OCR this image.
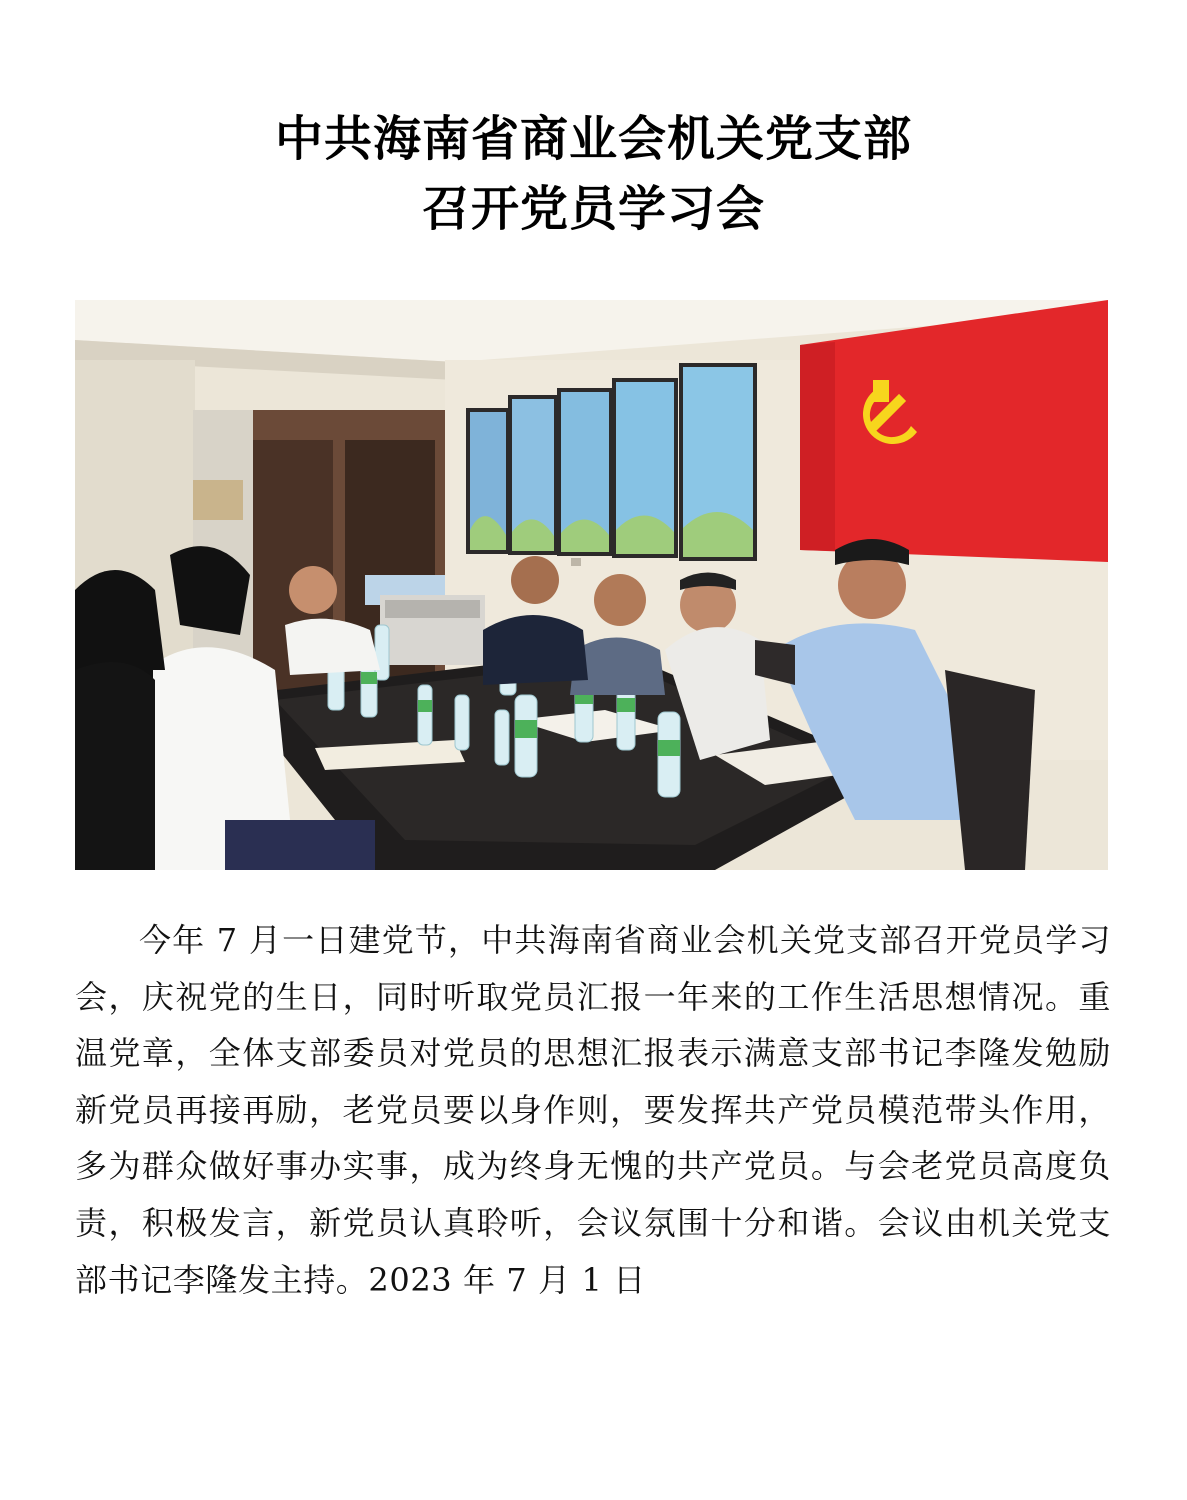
中共海南省商业会机关党支部
召开党员学习会

今年 7 月一日建党节，中共海南省商业会机关党支部召开党员学习会，庆祝党的生日，同时听取党员汇报一年来的工作生活思想情况。重温党章，全体支部委员对党员的思想汇报表示满意支部书记李隆发勉励新党员再接再励，老党员要以身作则，要发挥共产党员模范带头作用，多为群众做好事办实事，成为终身无愧的共产党员。与会老党员高度负责，积极发言，新党员认真聆听，会议氛围十分和谐。会议由机关党支部书记李隆发主持。2023 年 7 月 1 日
